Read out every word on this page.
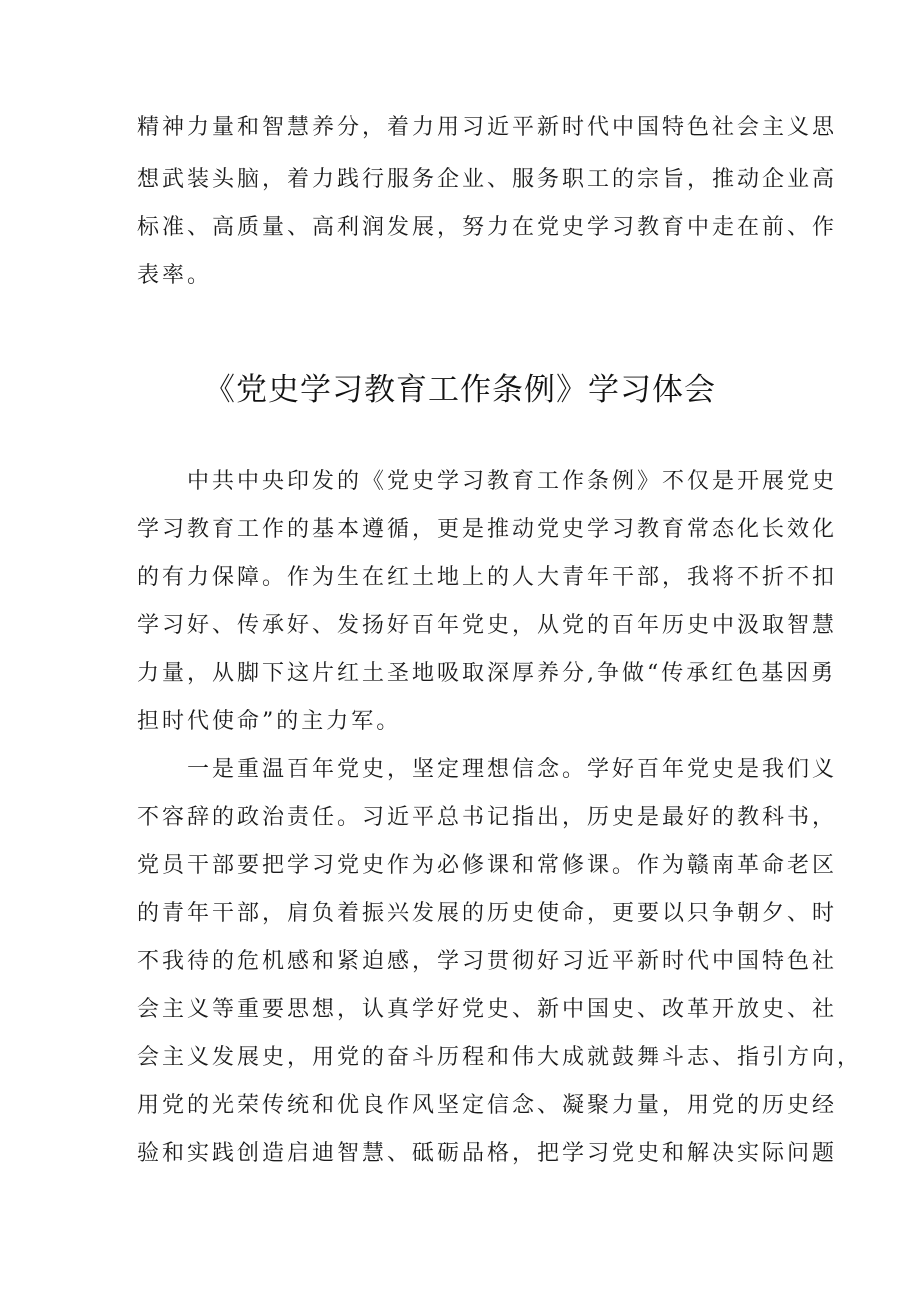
精神力量和智慧养分，着力用习近平新时代中国特色社会主义思
想武装头脑，着力践行服务企业、服务职工的宗旨，推动企业高
标准、高质量、高利润发展，努力在党史学习教育中走在前、作
表率。
《党史学习教育工作条例》学习体会
中共中央印发的《党史学习教育工作条例》不仅是开展党史
学习教育工作的基本遵循，更是推动党史学习教育常态化长效化
的有力保障。作为生在红土地上的人大青年干部，我将不折不扣
学习好、传承好、发扬好百年党史，从党的百年历史中汲取智慧
力量，从脚下这片红土圣地吸取深厚养分,争做“传承红色基因勇
担时代使命”的主力军。
一是重温百年党史，坚定理想信念。学好百年党史是我们义
不容辞的政治责任。习近平总书记指出，历史是最好的教科书，
党员干部要把学习党史作为必修课和常修课。作为赣南革命老区
的青年干部，肩负着振兴发展的历史使命，更要以只争朝夕、时
不我待的危机感和紧迫感，学习贯彻好习近平新时代中国特色社
会主义等重要思想，认真学好党史、新中国史、改革开放史、社
会主义发展史，用党的奋斗历程和伟大成就鼓舞斗志、指引方向，
用党的光荣传统和优良作风坚定信念、凝聚力量，用党的历史经
验和实践创造启迪智慧、砥砺品格，把学习党史和解决实际问题
